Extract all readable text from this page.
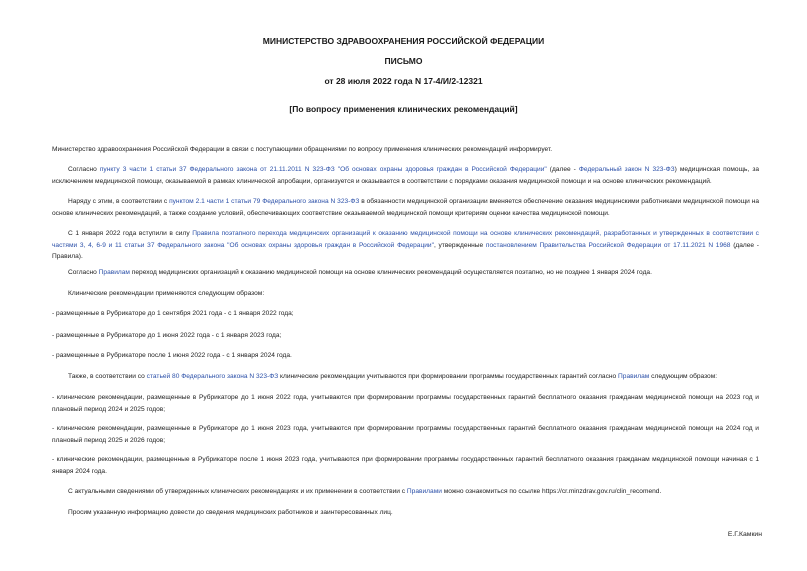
МИНИСТЕРСТВО ЗДРАВООХРАНЕНИЯ РОССИЙСКОЙ ФЕДЕРАЦИИ
ПИСЬМО
от 28 июля 2022 года N 17-4/И/2-12321
[По вопросу применения клинических рекомендаций]
Министерство здравоохранения Российской Федерации в связи с поступающими обращениями по вопросу применения клинических рекомендаций информирует.
Согласно пункту 3 части 1 статьи 37 Федерального закона от 21.11.2011 N 323-ФЗ "Об основах охраны здоровья граждан в Российской Федерации" (далее - Федеральный закон N 323-ФЗ) медицинская помощь, за исключением медицинской помощи, оказываемой в рамках клинической апробации, организуется и оказывается в соответствии с порядками оказания медицинской помощи и на основе клинических рекомендаций.
Наряду с этим, в соответствии с пунктом 2.1 части 1 статьи 79 Федерального закона N 323-ФЗ в обязанности медицинской организации вменяется обеспечение оказания медицинскими работниками медицинской помощи на основе клинических рекомендаций, а также создание условий, обеспечивающих соответствие оказываемой медицинской помощи критериям оценки качества медицинской помощи.
С 1 января 2022 года вступили в силу Правила поэтапного перехода медицинских организаций к оказанию медицинской помощи на основе клинических рекомендаций, разработанных и утвержденных в соответствии с частями 3, 4, 6-9 и 11 статьи 37 Федерального закона "Об основах охраны здоровья граждан в Российской Федерации", утвержденные постановлением Правительства Российской Федерации от 17.11.2021 N 1968 (далее - Правила).
Согласно Правилам переход медицинских организаций к оказанию медицинской помощи на основе клинических рекомендаций осуществляется поэтапно, но не позднее 1 января 2024 года.
Клинические рекомендации применяются следующим образом:
- размещенные в Рубрикаторе до 1 сентября 2021 года - с 1 января 2022 года;
- размещенные в Рубрикаторе до 1 июня 2022 года - с 1 января 2023 года;
- размещенные в Рубрикаторе после 1 июня 2022 года - с 1 января 2024 года.
Также, в соответствии со статьей 80 Федерального закона N 323-ФЗ клинические рекомендации учитываются при формировании программы государственных гарантий согласно Правилам следующим образом:
- клинические рекомендации, размещенные в Рубрикаторе до 1 июня 2022 года, учитываются при формировании программы государственных гарантий бесплатного оказания гражданам медицинской помощи на 2023 год и плановый период 2024 и 2025 годов;
- клинические рекомендации, размещенные в Рубрикаторе до 1 июня 2023 года, учитываются при формировании программы государственных гарантий бесплатного оказания гражданам медицинской помощи на 2024 год и плановый период 2025 и 2026 годов;
- клинические рекомендации, размещенные в Рубрикаторе после 1 июня 2023 года, учитываются при формировании программы государственных гарантий бесплатного оказания гражданам медицинской помощи начиная с 1 января 2024 года.
С актуальными сведениями об утвержденных клинических рекомендациях и их применении в соответствии с Правилами можно ознакомиться по ссылке https://cr.minzdrav.gov.ru/clin_recomend.
Просим указанную информацию довести до сведения медицинских работников и заинтересованных лиц.
Е.Г.Камкин
